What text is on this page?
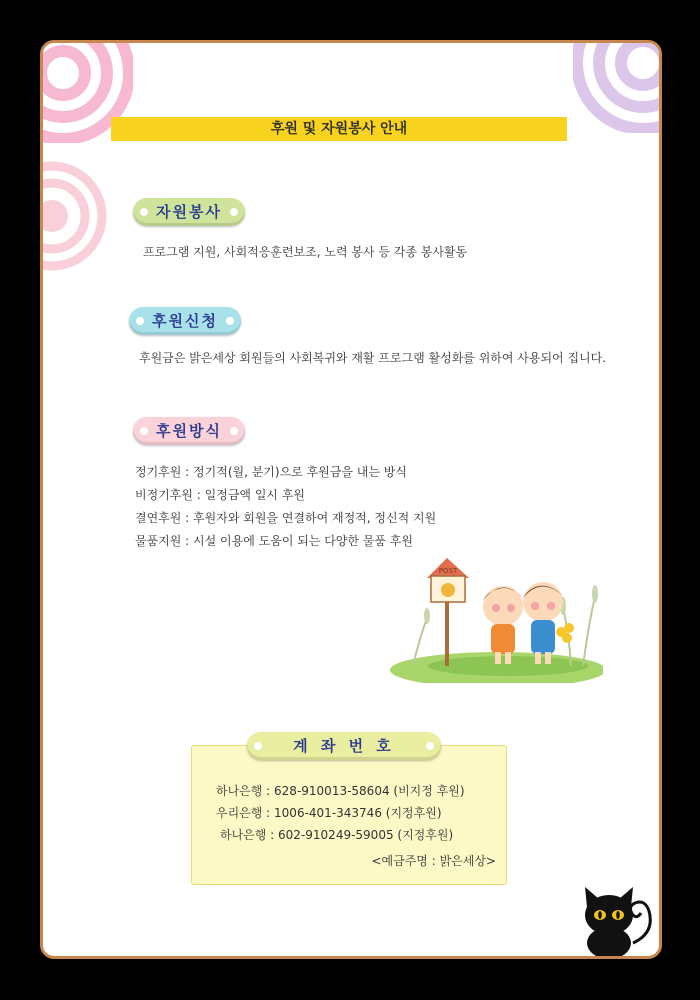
후원 및 자원봉사 안내
자원봉사
프로그램 지원, 사회적응훈련보조, 노력 봉사 등 각종 봉사활동
후원신청
후원금은 밝은세상 회원들의 사회복귀와 재활 프로그램 활성화를 위하여 사용되어 집니다.
후원방식
정기후원 : 정기적(월, 분기)으로 후원금을 내는 방식
비정기후원 : 일정금액 일시 후원
결연후원 : 후원자와 회원을 연결하여 재정적, 정신적 지원
물품지원 : 시설 이용에 도움이 되는 다양한 물품 후원
POST
계 좌 번 호
하나은행 : 628-910013-58604 (비지정 후원)
우리은행 : 1006-401-343746 (지정후원)
하나은행 : 602-910249-59005 (지정후원)
<예금주명 : 밝은세상>
